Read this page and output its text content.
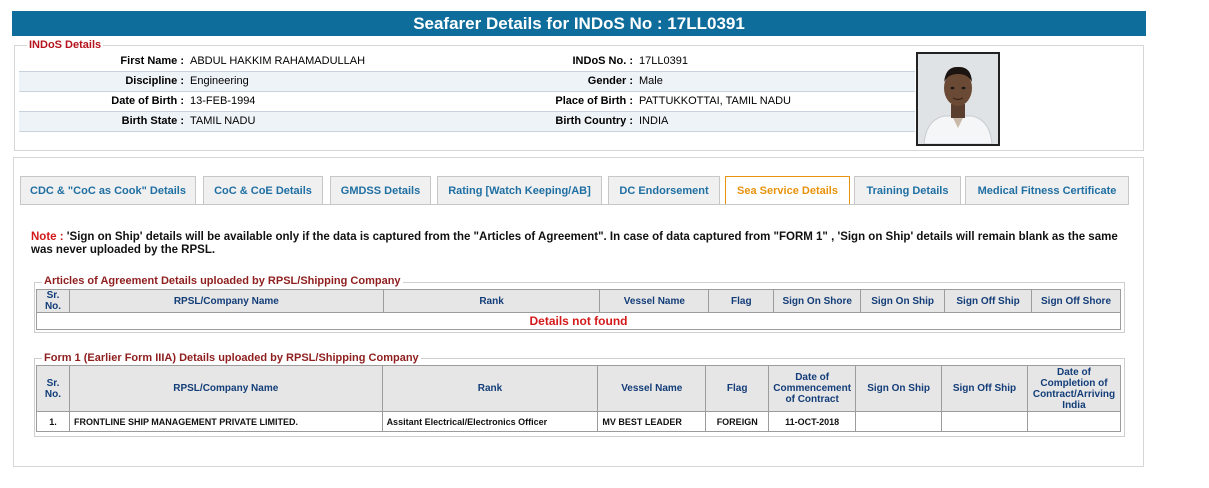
Seafarer Details for INDoS No : 17LL0391
INDoS Details
First Name :	ABDUL HAKKIM RAHAMADULLAH	INDoS No. :	17LL0391
Discipline :	Engineering	Gender :	Male
Date of Birth :	13-FEB-1994	Place of Birth :	PATTUKKOTTAI, TAMIL NADU
Birth State :	TAMIL NADU	Birth Country :	INDIA
CDC & "CoC as Cook" Details	CoC & CoE Details	GMDSS Details	Rating [Watch Keeping/AB]	DC Endorsement	Sea Service Details	Training Details	Medical Fitness Certificate
Note : 'Sign on Ship' details will be available only if the data is captured from the "Articles of Agreement". In case of data captured from "FORM 1" , 'Sign on Ship' details will remain blank as the same was never uploaded by the RPSL.
Articles of Agreement Details uploaded by RPSL/Shipping Company
Sr. No.	RPSL/Company Name	Rank	Vessel Name	Flag	Sign On Shore	Sign On Ship	Sign Off Ship	Sign Off Shore
Details not found
Form 1 (Earlier Form IIIA) Details uploaded by RPSL/Shipping Company
Sr. No.	RPSL/Company Name	Rank	Vessel Name	Flag	Date of Commencement of Contract	Sign On Ship	Sign Off Ship	Date of Completion of Contract/Arriving India
1.	FRONTLINE SHIP MANAGEMENT PRIVATE LIMITED.	Assitant Electrical/Electronics Officer	MV BEST LEADER	FOREIGN	11-OCT-2018			
